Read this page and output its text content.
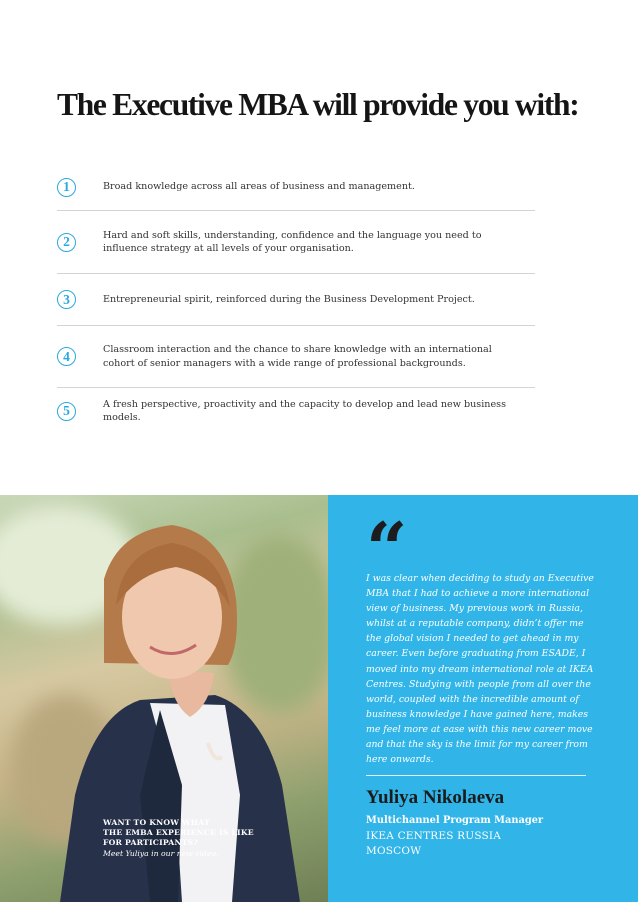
The Executive MBA will provide you with:
1	Broad knowledge across all areas of business and management.
2	Hard and soft skills, understanding, confidence and the language you need to influence strategy at all levels of your organisation.
3	Entrepreneurial spirit, reinforced during the Business Development Project.
4	Classroom interaction and the chance to share knowledge with an international cohort of senior managers with a wide range of professional backgrounds.
5	A fresh perspective, proactivity and the capacity to develop and lead new business models.
WANT TO KNOW WHAT
THE EMBA EXPERIENCE IS LIKE
FOR PARTICIPANTS?
Meet Yuliya in our new video.
“

I was clear when deciding to study an Executive MBA that I had to achieve a more international view of business. My previous work in Russia, whilst at a reputable company, didn’t offer me the global vision I needed to get ahead in my career. Even before graduating from ESADE, I moved into my dream international role at IKEA Centres. Studying with people from all over the world, coupled with the incredible amount of business knowledge I have gained here, makes me feel more at ease with this new career move and that the sky is the limit for my career from here onwards.

Yuliya Nikolaeva
Multichannel Program Manager
IKEA CENTRES RUSSIA
MOSCOW
